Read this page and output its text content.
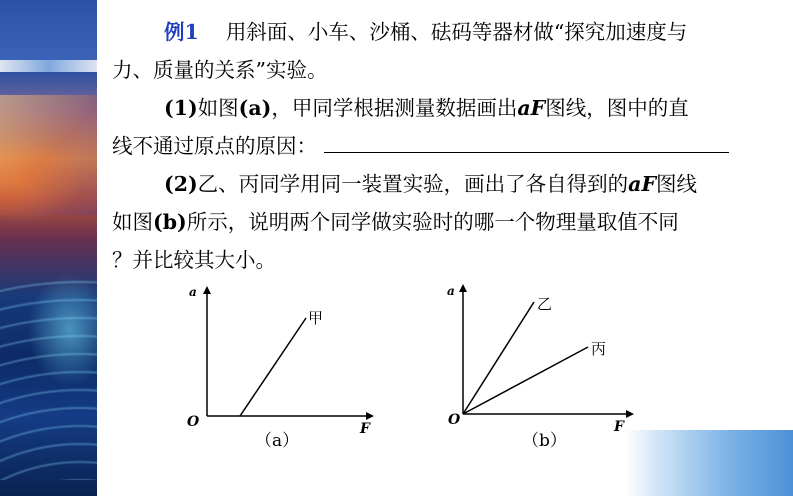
例1 用斜面、小车、沙桶、砝码等器材做“探究加速度与
力、质量的关系”实验。
(1)如图(a)，甲同学根据测量数据画出aF图线，图中的直
线不通过原点的原因：
(2)乙、丙同学用同一装置实验，画出了各自得到的aF图线
如图(b)所示，说明两个同学做实验时的哪一个物理量取值不同
？并比较其大小。
a
F
O
甲
（a）
a
F
O
乙
丙
（b）
